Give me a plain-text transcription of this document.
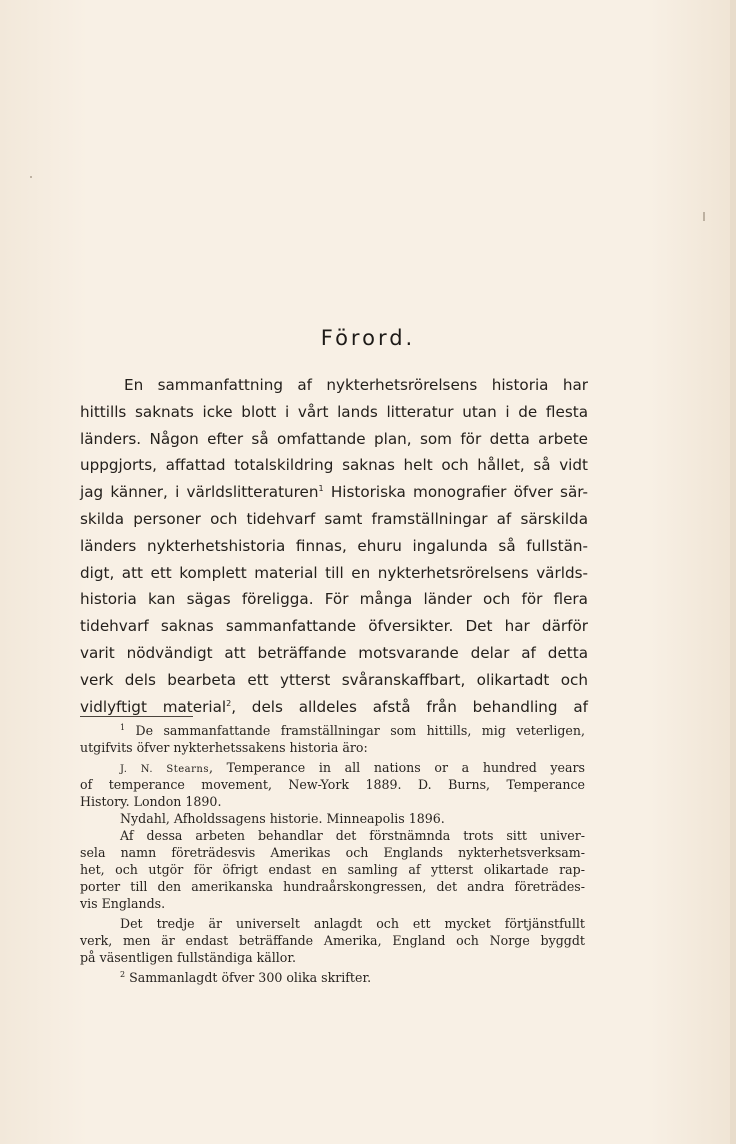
Förord.
En sammanfattning af nykterhetsrörelsens historia har
hittills saknats icke blott i vårt lands litteratur utan i de flesta
länders. Någon efter så omfattande plan, som för detta arbete
uppgjorts, affattad totalskildring saknas helt och hållet, så vidt
jag känner, i världslitteraturen$^1$ Historiska monografier öfver sär-
skilda personer och tidehvarf samt framställningar af särskilda
länders nykterhetshistoria finnas, ehuru ingalunda så fullstän-
digt, att ett komplett material till en nykterhetsrörelsens världs-
historia kan sägas föreligga. För många länder och för flera
tidehvarf saknas sammanfattande öfversikter. Det har därför
varit nödvändigt att beträffande motsvarande delar af detta
verk dels bearbeta ett ytterst svåranskaffbart, olikartadt och
vidlyftigt material$^2$, dels alldeles afstå från behandling af
$^1$ De sammanfattande framställningar som hittills, mig veterligen,
utgifvits öfver nykterhetssakens historia äro:
J. N. Stearns, Temperance in all nations or a hundred years
of temperance movement, New-York 1889. D. Burns, Temperance
History. London 1890.
Nydahl, Afholdssagens historie. Minneapolis 1896.
Af dessa arbeten behandlar det förstnämnda trots sitt univer-
sela namn företrädesvis Amerikas och Englands nykterhetsverksam-
het, och utgör för öfrigt endast en samling af ytterst olikartade rap-
porter till den amerikanska hundraårskongressen, det andra företrädes-
vis Englands.
Det tredje är universelt anlagdt och ett mycket förtjänstfullt
verk, men är endast beträffande Amerika, England och Norge byggdt
på väsentligen fullständiga källor.
$^2$ Sammanlagdt öfver 300 olika skrifter.
